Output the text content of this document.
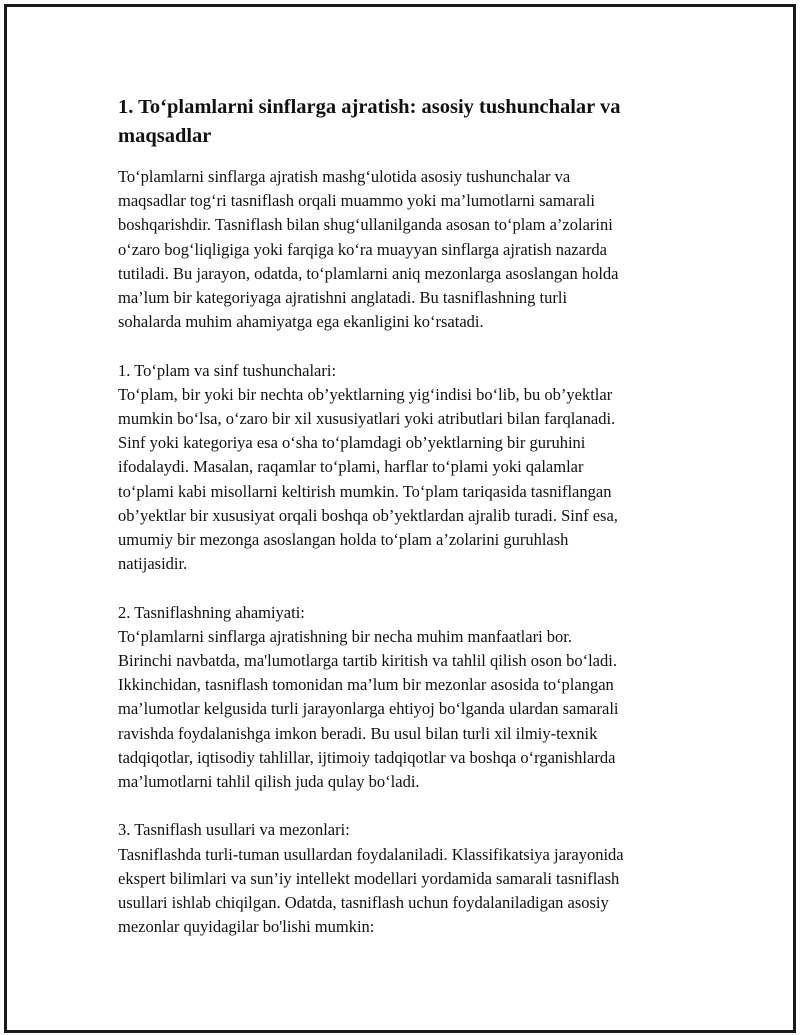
1. To‘plamlarni sinflarga ajratish: asosiy tushunchalar va maqsadlar

To‘plamlarni sinflarga ajratish mashg‘ulotida asosiy tushunchalar va
maqsadlar tog‘ri tasniflash orqali muammo yoki ma’lumotlarni samarali
boshqarishdir. Tasniflash bilan shug‘ullanilganda asosan to‘plam a’zolarini
o‘zaro bog‘liqligiga yoki farqiga ko‘ra muayyan sinflarga ajratish nazarda
tutiladi. Bu jarayon, odatda, to‘plamlarni aniq mezonlarga asoslangan holda
ma’lum bir kategoriyaga ajratishni anglatadi. Bu tasniflashning turli
sohalarda muhim ahamiyatga ega ekanligini ko‘rsatadi.

1. To‘plam va sinf tushunchalari:

To‘plam, bir yoki bir nechta ob’yektlarning yig‘indisi bo‘lib, bu ob’yektlar
mumkin bo‘lsa, o‘zaro bir xil xususiyatlari yoki atributlari bilan farqlanadi.
Sinf yoki kategoriya esa o‘sha to‘plamdagi ob’yektlarning bir guruhini
ifodalaydi. Masalan, raqamlar to‘plami, harflar to‘plami yoki qalamlar
to‘plami kabi misollarni keltirish mumkin. To‘plam tariqasida tasniflangan
ob’yektlar bir xususiyat orqali boshqa ob’yektlardan ajralib turadi. Sinf esa,
umumiy bir mezonga asoslangan holda to‘plam a’zolarini guruhlash
natijasidir.

2. Tasniflashning ahamiyati:

To‘plamlarni sinflarga ajratishning bir necha muhim manfaatlari bor.
Birinchi navbatda, ma'lumotlarga tartib kiritish va tahlil qilish oson bo‘ladi.
Ikkinchidan, tasniflash tomonidan ma’lum bir mezonlar asosida to‘plangan
ma’lumotlar kelgusida turli jarayonlarga ehtiyoj bo‘lganda ulardan samarali
ravishda foydalanishga imkon beradi. Bu usul bilan turli xil ilmiy-texnik
tadqiqotlar, iqtisodiy tahlillar, ijtimoiy tadqiqotlar va boshqa o‘rganishlarda
ma’lumotlarni tahlil qilish juda qulay bo‘ladi.

3. Tasniflash usullari va mezonlari:

Tasniflashda turli-tuman usullardan foydalaniladi. Klassifikatsiya jarayonida
ekspert bilimlari va sun’iy intellekt modellari yordamida samarali tasniflash
usullari ishlab chiqilgan. Odatda, tasniflash uchun foydalaniladigan asosiy
mezonlar quyidagilar bo'lishi mumkin:
